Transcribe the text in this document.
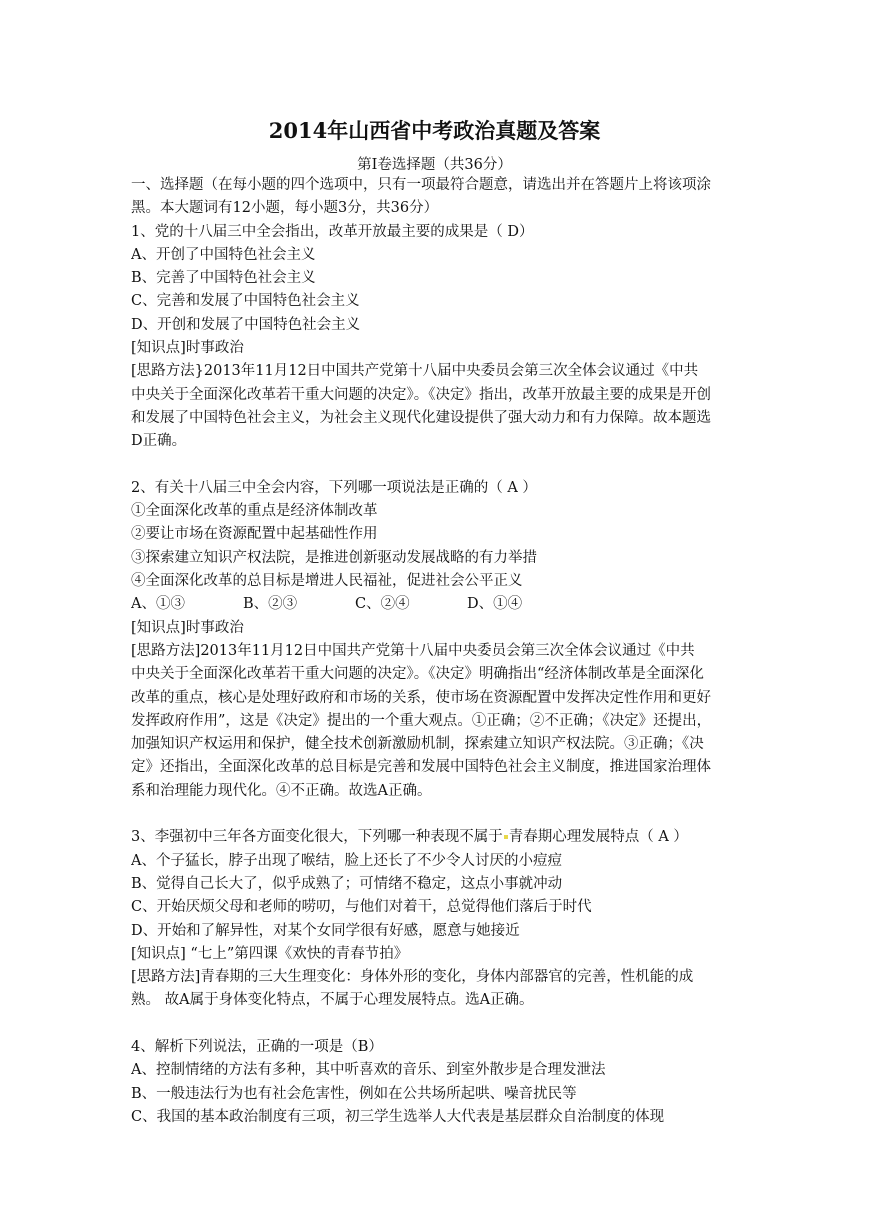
2014年山西省中考政治真题及答案
第Ⅰ卷选择题（共36分）
一、选择题（在每小题的四个选项中，只有一项最符合题意，请选出并在答题片上将该项涂
黑。本大题词有12小题，每小题3分，共36分）
1、党的十八届三中全会指出，改革开放最主要的成果是（ D）
A、开创了中国特色社会主义
B、完善了中国特色社会主义
C、完善和发展了中国特色社会主义
D、开创和发展了中国特色社会主义
[知识点]时事政治
[思路方法}2013年11月12日中国共产党第十八届中央委员会第三次全体会议通过《中共
中央关于全面深化改革若干重大问题的决定》。《决定》指出，改革开放最主要的成果是开创
和发展了中国特色社会主义，为社会主义现代化建设提供了强大动力和有力保障。故本题选
D正确。
2、有关十八届三中全会内容，下列哪一项说法是正确的（ A ）
①全面深化改革的重点是经济体制改革
②要让市场在资源配置中起基础性作用
③探索建立知识产权法院，是推进创新驱动发展战略的有力举措
④全面深化改革的总目标是增进人民福祉，促进社会公平正义
A、①③	B、②③	C、②④	D、①④
[知识点]时事政治
[思路方法]2013年11月12日中国共产党第十八届中央委员会第三次全体会议通过《中共
中央关于全面深化改革若干重大问题的决定》。《决定》明确指出“经济体制改革是全面深化
改革的重点，核心是处理好政府和市场的关系，使市场在资源配置中发挥决定性作用和更好
发挥政府作用”，这是《决定》提出的一个重大观点。①正确；②不正确；《决定》还提出，
加强知识产权运用和保护，健全技术创新激励机制，探索建立知识产权法院。③正确；《决
定》还指出，全面深化改革的总目标是完善和发展中国特色社会主义制度，推进国家治理体
系和治理能力现代化。④不正确。故选A正确。
3、李强初中三年各方面变化很大，下列哪一种表现不属于 青春期心理发展特点（ A ）
A、个子猛长，脖子出现了喉结，脸上还长了不少令人讨厌的小痘痘
B、觉得自己长大了，似乎成熟了；可情绪不稳定，这点小事就冲动
C、开始厌烦父母和老师的唠叨，与他们对着干，总觉得他们落后于时代
D、开始和了解异性，对某个女同学很有好感，愿意与她接近
[知识点] “七上”第四课《欢快的青春节拍》
[思路方法]青春期的三大生理变化：身体外形的变化，身体内部器官的完善，性机能的成
熟。 故A属于身体变化特点，不属于心理发展特点。选A正确。
4、解析下列说法，正确的一项是（B）
A、控制情绪的方法有多种，其中听喜欢的音乐、到室外散步是合理发泄法
B、一般违法行为也有社会危害性，例如在公共场所起哄、噪音扰民等
C、我国的基本政治制度有三项，初三学生选举人大代表是基层群众自治制度的体现
